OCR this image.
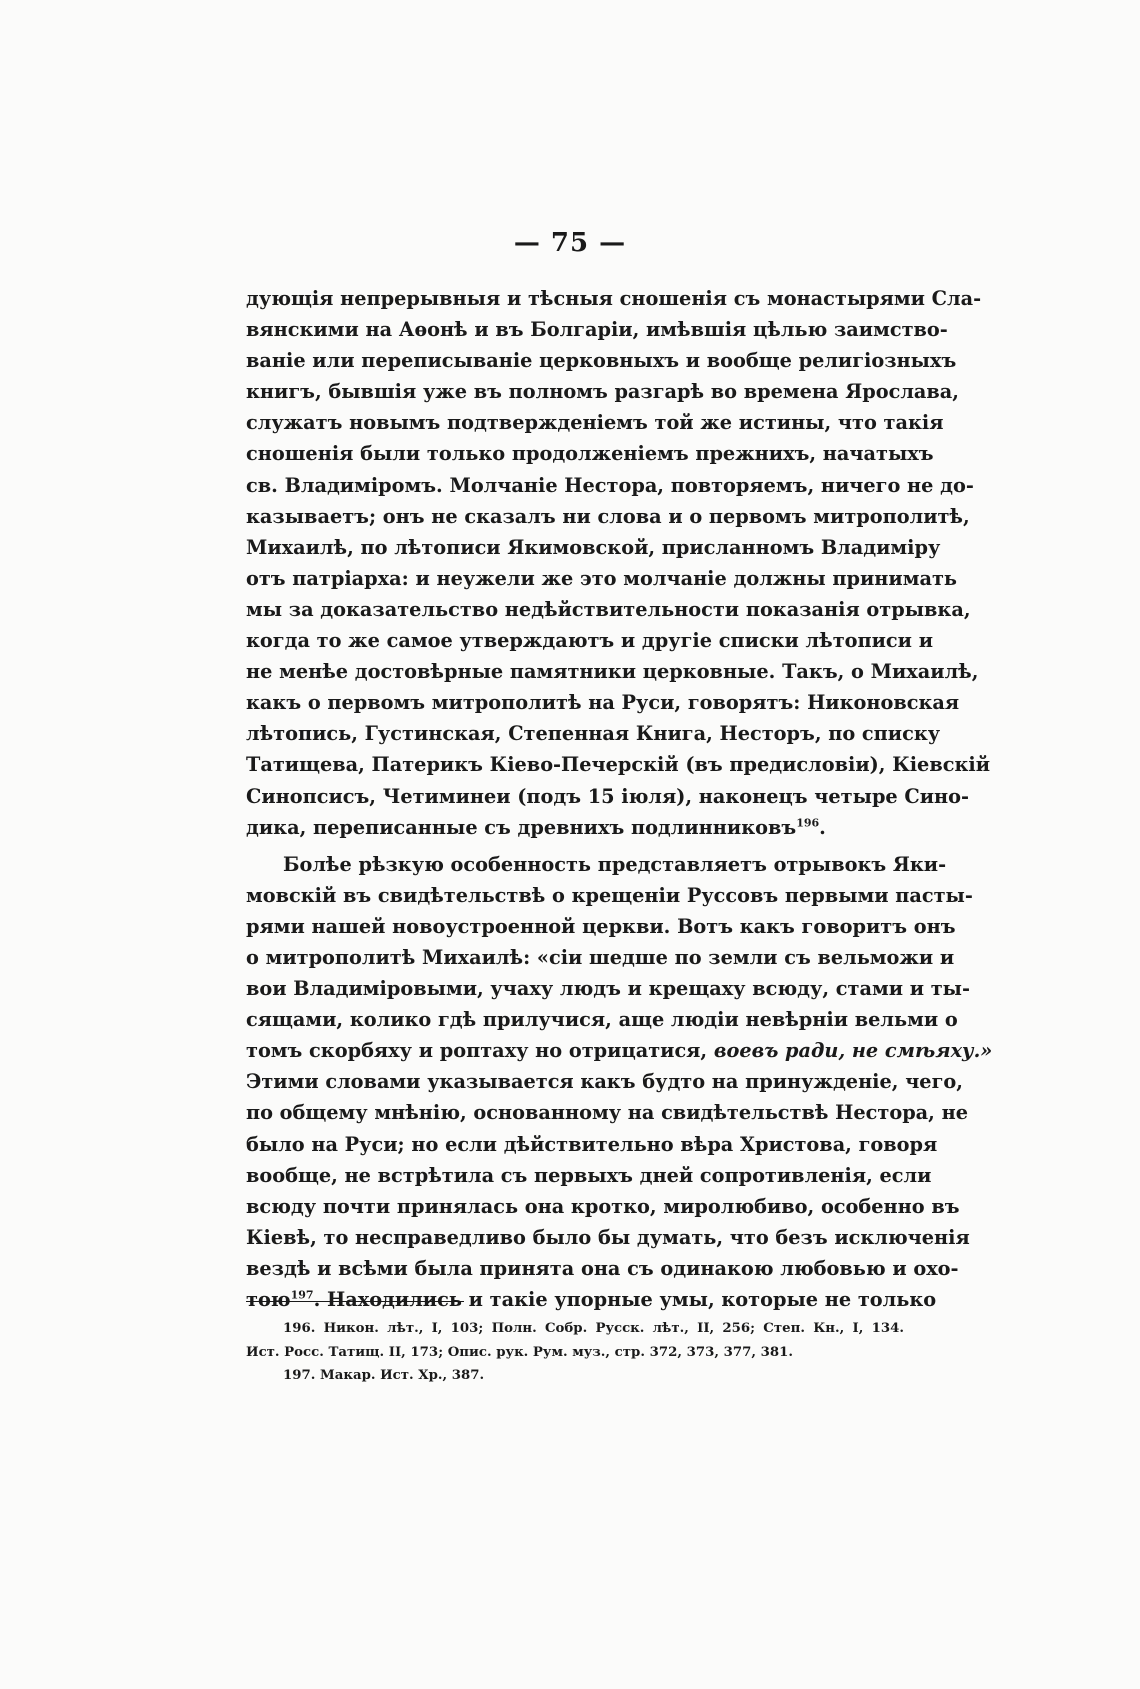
— 75 —
дующія непрерывныя и тѣсныя сношенія съ монастырями Сла-
вянскими на Аѳонѣ и въ Болгаріи, имѣвшія цѣлью заимство-
ваніе или переписываніе церковныхъ и вообще религіозныхъ
книгъ, бывшія уже въ полномъ разгарѣ во времена Ярослава,
служатъ новымъ подтвержденіемъ той же истины, что такія
сношенія были только продолженіемъ прежнихъ, начатыхъ
св. Владиміромъ. Молчаніе Нестора, повторяемъ, ничего не до-
казываетъ; онъ не сказалъ ни слова и о первомъ митрополитѣ,
Михаилѣ, по лѣтописи Якимовской, присланномъ Владиміру
отъ патріарха: и неужели же это молчаніе должны принимать
мы за доказательство недѣйствительности показанія отрывка,
когда то же самое утверждаютъ и другіе списки лѣтописи и
не менѣе достовѣрные памятники церковные. Такъ, о Михаилѣ,
какъ о первомъ митрополитѣ на Руси, говорятъ: Никоновская
лѣтопись, Густинская, Степенная Книга, Несторъ, по списку
Татищева, Патерикъ Кіево-Печерскій (въ предисловіи), Кіевскій
Синопсисъ, Четиминеи (подъ 15 іюля), наконецъ четыре Сино-
дика, переписанные съ древнихъ подлинниковъ$^{196}$.
Болѣе рѣзкую особенность представляетъ отрывокъ Яки-
мовскій въ свидѣтельствѣ о крещеніи Руссовъ первыми пасты-
рями нашей новоустроенной церкви. Вотъ какъ говоритъ онъ
о митрополитѣ Михаилѣ: «сіи шедше по земли съ вельможи и
вои Владиміровыми, учаху людъ и крещаху всюду, стами и ты-
сящами, колико гдѣ прилучися, аще людіи невѣрніи вельми о
томъ скорбяху и роптаху но отрицатися, воевъ ради, не смѣяху.»
Этими словами указывается какъ будто на принужденіе, чего,
по общему мнѣнію, основанному на свидѣтельствѣ Нестора, не
было на Руси; но если дѣйствительно вѣра Христова, говоря
вообще, не встрѣтила съ первыхъ дней сопротивленія, если
всюду почти принялась она кротко, миролюбиво, особенно въ
Кіевѣ, то несправедливо было бы думать, что безъ исключенія
вездѣ и всѣми была принята она съ одинакою любовью и охо-
тою$^{197}$. Находились и такіе упорные умы, которые не только
196. Никон. лѣт., I, 103; Полн. Собр. Русск. лѣт., II, 256; Степ. Кн., I, 134.
Ист. Росс. Татищ. II, 173; Опис. рук. Рум. муз., стр. 372, 373, 377, 381.
197. Макар. Ист. Хр., 387.
